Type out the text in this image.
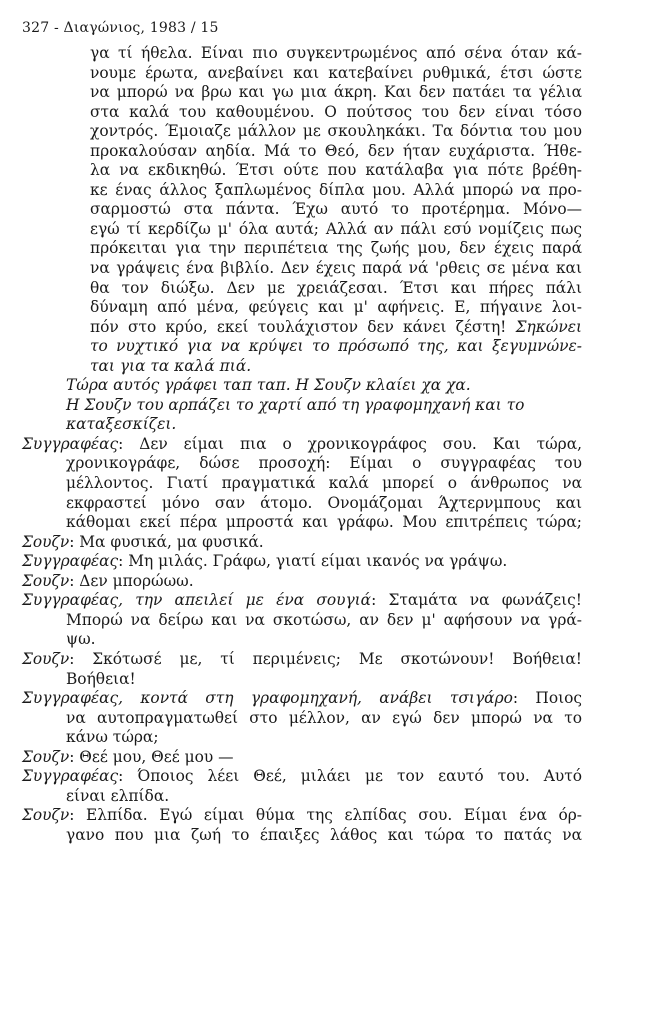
327 - Διαγώνιος, 1983 / 15
γα τί ήθελα. Είναι πιο συγκεντρωμένος από σένα όταν κά-
νουμε έρωτα, ανεβαίνει και κατεβαίνει ρυθμικά, έτσι ώστε
να μπορώ να βρω και γω μια άκρη. Και δεν πατάει τα γέλια
στα καλά του καθουμένου. Ο πούτσος του δεν είναι τόσο
χοντρός. Έμοιαζε μάλλον με σκουληκάκι. Τα δόντια του μου
προκαλούσαν αηδία. Μά το Θεό, δεν ήταν ευχάριστα. Ήθε-
λα να εκδικηθώ. Έτσι ούτε που κατάλαβα για πότε βρέθη-
κε ένας άλλος ξαπλωμένος δίπλα μου. Αλλά μπορώ να προ-
σαρμοστώ στα πάντα. Έχω αυτό το προτέρημα. Μόνο—
εγώ τί κερδίζω μ' όλα αυτά; Αλλά αν πάλι εσύ νομίζεις πως
πρόκειται για την περιπέτεια της ζωής μου, δεν έχεις παρά
να γράψεις ένα βιβλίο. Δεν έχεις παρά νά 'ρθεις σε μένα και
θα τον διώξω. Δεν με χρειάζεσαι. Έτσι και πήρες πάλι
δύναμη από μένα, φεύγεις και μ' αφήνεις. Ε, πήγαινε λοι-
πόν στο κρύο, εκεί τουλάχιστον δεν κάνει ζέστη! Σηκώνει
το νυχτικό για να κρύψει το πρόσωπό της, και ξεγυμνώνε-
ται για τα καλά πιά.
Τώρα αυτός γράφει ταπ ταπ. Η Σουζν κλαίει χα χα.
Η Σουζν του αρπάζει το χαρτί από τη γραφομηχανή και το
καταξεσκίζει.
Συγγραφέας: Δεν είμαι πια ο χρονικογράφος σου. Και τώρα,
χρονικογράφε, δώσε προσοχή: Είμαι ο συγγραφέας του
μέλλοντος. Γιατί πραγματικά καλά μπορεί ο άνθρωπος να
εκφραστεί μόνο σαν άτομο. Ονομάζομαι Άχτερνμπους και
κάθομαι εκεί πέρα μπροστά και γράφω. Μου επιτρέπεις τώρα;
Σουζν: Μα φυσικά, μα φυσικά.
Συγγραφέας: Μη μιλάς. Γράφω, γιατί είμαι ικανός να γράψω.
Σουζν: Δεν μπορώωω.
Συγγραφέας, την απειλεί με ένα σουγιά: Σταμάτα να φωνάζεις!
Μπορώ να δείρω και να σκοτώσω, αν δεν μ' αφήσουν να γρά-
ψω.
Σουζν: Σκότωσέ με, τί περιμένεις; Με σκοτώνουν! Βοήθεια!
Βοήθεια!
Συγγραφέας, κοντά στη γραφομηχανή, ανάβει τσιγάρο: Ποιος
να αυτοπραγματωθεί στο μέλλον, αν εγώ δεν μπορώ να το
κάνω τώρα;
Σουζν: Θεέ μου, Θεέ μου —
Συγγραφέας: Όποιος λέει Θεέ, μιλάει με τον εαυτό του. Αυτό
είναι ελπίδα.
Σουζν: Ελπίδα. Εγώ είμαι θύμα της ελπίδας σου. Είμαι ένα όρ-
γανο που μια ζωή το έπαιξες λάθος και τώρα το πατάς να
